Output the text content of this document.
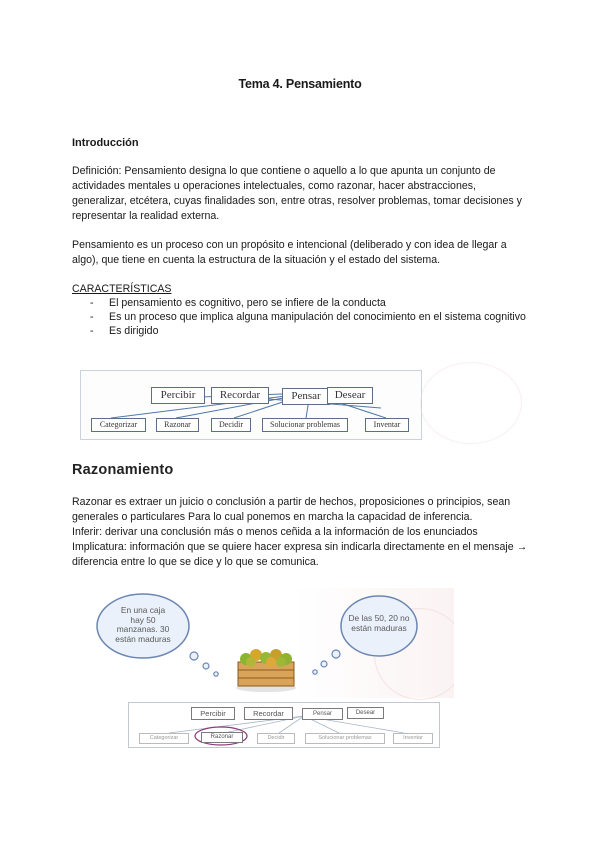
Tema 4. Pensamiento
Introducción
Definición: Pensamiento designa lo que contiene o aquello a lo que apunta un conjunto de actividades mentales u operaciones intelectuales, como razonar, hacer abstracciones, generalizar, etcétera, cuyas finalidades son, entre otras, resolver problemas, tomar decisiones y representar la realidad externa.
Pensamiento es un proceso con un propósito e intencional (deliberado y con idea de llegar a algo), que tiene en cuenta la estructura de la situación y el estado del sistema.
CARACTERÍSTICAS
- El pensamiento es cognitivo, pero se infiere de la conducta
- Es un proceso que implica alguna manipulación del conocimiento en el sistema cognitivo
- Es dirigido
Percibir	Recordar	Pensar	Desear
Categorizar	Razonar	Decidir	Solucionar problemas	Inventar
Razonamiento
Razonar es extraer un juicio o conclusión a partir de hechos, proposiciones o principios, sean generales o particulares Para lo cual ponemos en marcha la capacidad de inferencia.
Inferir: derivar una conclusión más o menos ceñida a la información de los enunciados
Implicatura: información que se quiere hacer expresa sin indicarla directamente en el mensaje → diferencia entre lo que se dice y lo que se comunica.
En una caja
hay 50
manzanas. 30
están maduras
De las 50, 20 no
están maduras
Percibir	Recordar	Pensar	Desear
Categorizar	Razonar	Decidir	Solucionar problemas	Inventar
